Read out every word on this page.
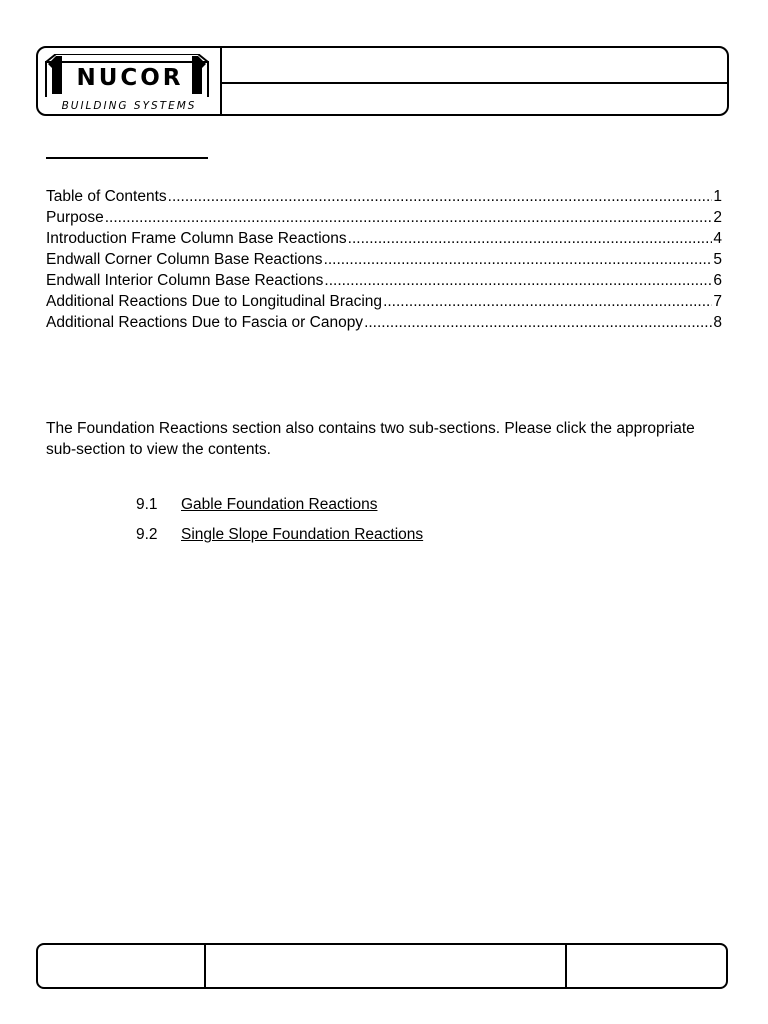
NUCOR
BUILDING SYSTEMS
Table of Contents .....	1
Purpose .....	2
Introduction Frame Column Base Reactions .....	4
Endwall Corner Column Base Reactions .....	5
Endwall Interior Column Base Reactions .....	6
Additional Reactions Due to Longitudinal Bracing .....	7
Additional Reactions Due to Fascia or Canopy .....	8
The Foundation Reactions section also contains two sub-sections. Please click the appropriate sub-section to view the contents.
9.1	Gable Foundation Reactions
9.2	Single Slope Foundation Reactions
